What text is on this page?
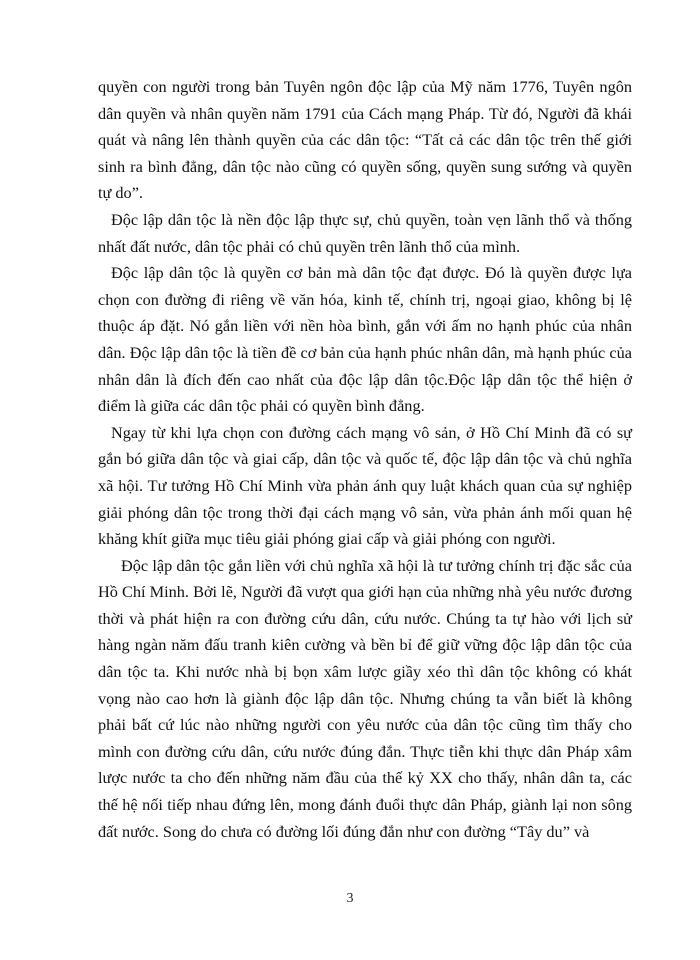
quyền con người trong bản Tuyên ngôn độc lập của Mỹ năm 1776, Tuyên ngôn dân quyền và nhân quyền năm 1791 của Cách mạng Pháp. Từ đó, Người đã khái quát và nâng lên thành quyền của các dân tộc: “Tất cả các dân tộc trên thế giới sinh ra bình đẳng, dân tộc nào cũng có quyền sống, quyền sung sướng và quyền tự do”.

Độc lập dân tộc là nền độc lập thực sự, chủ quyền, toàn vẹn lãnh thổ và thống nhất đất nước, dân tộc phải có chủ quyền trên lãnh thổ của mình.

Độc lập dân tộc là quyền cơ bản mà dân tộc đạt được. Đó là quyền được lựa chọn con đường đi riêng về văn hóa, kinh tế, chính trị, ngoại giao, không bị lệ thuộc áp đặt. Nó gắn liền với nền hòa bình, gắn với ấm no hạnh phúc của nhân dân. Độc lập dân tộc là tiền đề cơ bản của hạnh phúc nhân dân, mà hạnh phúc của nhân dân là đích đến cao nhất của độc lập dân tộc.Độc lập dân tộc thể hiện ở điểm là giữa các dân tộc phải có quyền bình đẳng.

Ngay từ khi lựa chọn con đường cách mạng vô sản, ở Hồ Chí Minh đã có sự gắn bó giữa dân tộc và giai cấp, dân tộc và quốc tế, độc lập dân tộc và chủ nghĩa xã hội. Tư tưởng Hồ Chí Minh vừa phản ánh quy luật khách quan của sự nghiệp giải phóng dân tộc trong thời đại cách mạng vô sản, vừa phản ánh mối quan hệ khăng khít giữa mục tiêu giải phóng giai cấp và giải phóng con người.

Độc lập dân tộc gắn liền với chủ nghĩa xã hội là tư tưởng chính trị đặc sắc của Hồ Chí Minh. Bởi lẽ, Người đã vượt qua giới hạn của những nhà yêu nước đương thời và phát hiện ra con đường cứu dân, cứu nước. Chúng ta tự hào với lịch sử hàng ngàn năm đấu tranh kiên cường và bền bỉ để giữ vững độc lập dân tộc của dân tộc ta. Khi nước nhà bị bọn xâm lược giầy xéo thì dân tộc không có khát vọng nào cao hơn là giành độc lập dân tộc. Nhưng chúng ta vẫn biết là không phải bất cứ lúc nào những người con yêu nước của dân tộc cũng tìm thấy cho mình con đường cứu dân, cứu nước đúng đắn. Thực tiễn khi thực dân Pháp xâm lược nước ta cho đến những năm đầu của thế kỷ XX cho thấy, nhân dân ta, các thế hệ nối tiếp nhau đứng lên, mong đánh đuổi thực dân Pháp, giành lại non sông đất nước. Song do chưa có đường lối đúng đắn như con đường “Tây du” và

3
